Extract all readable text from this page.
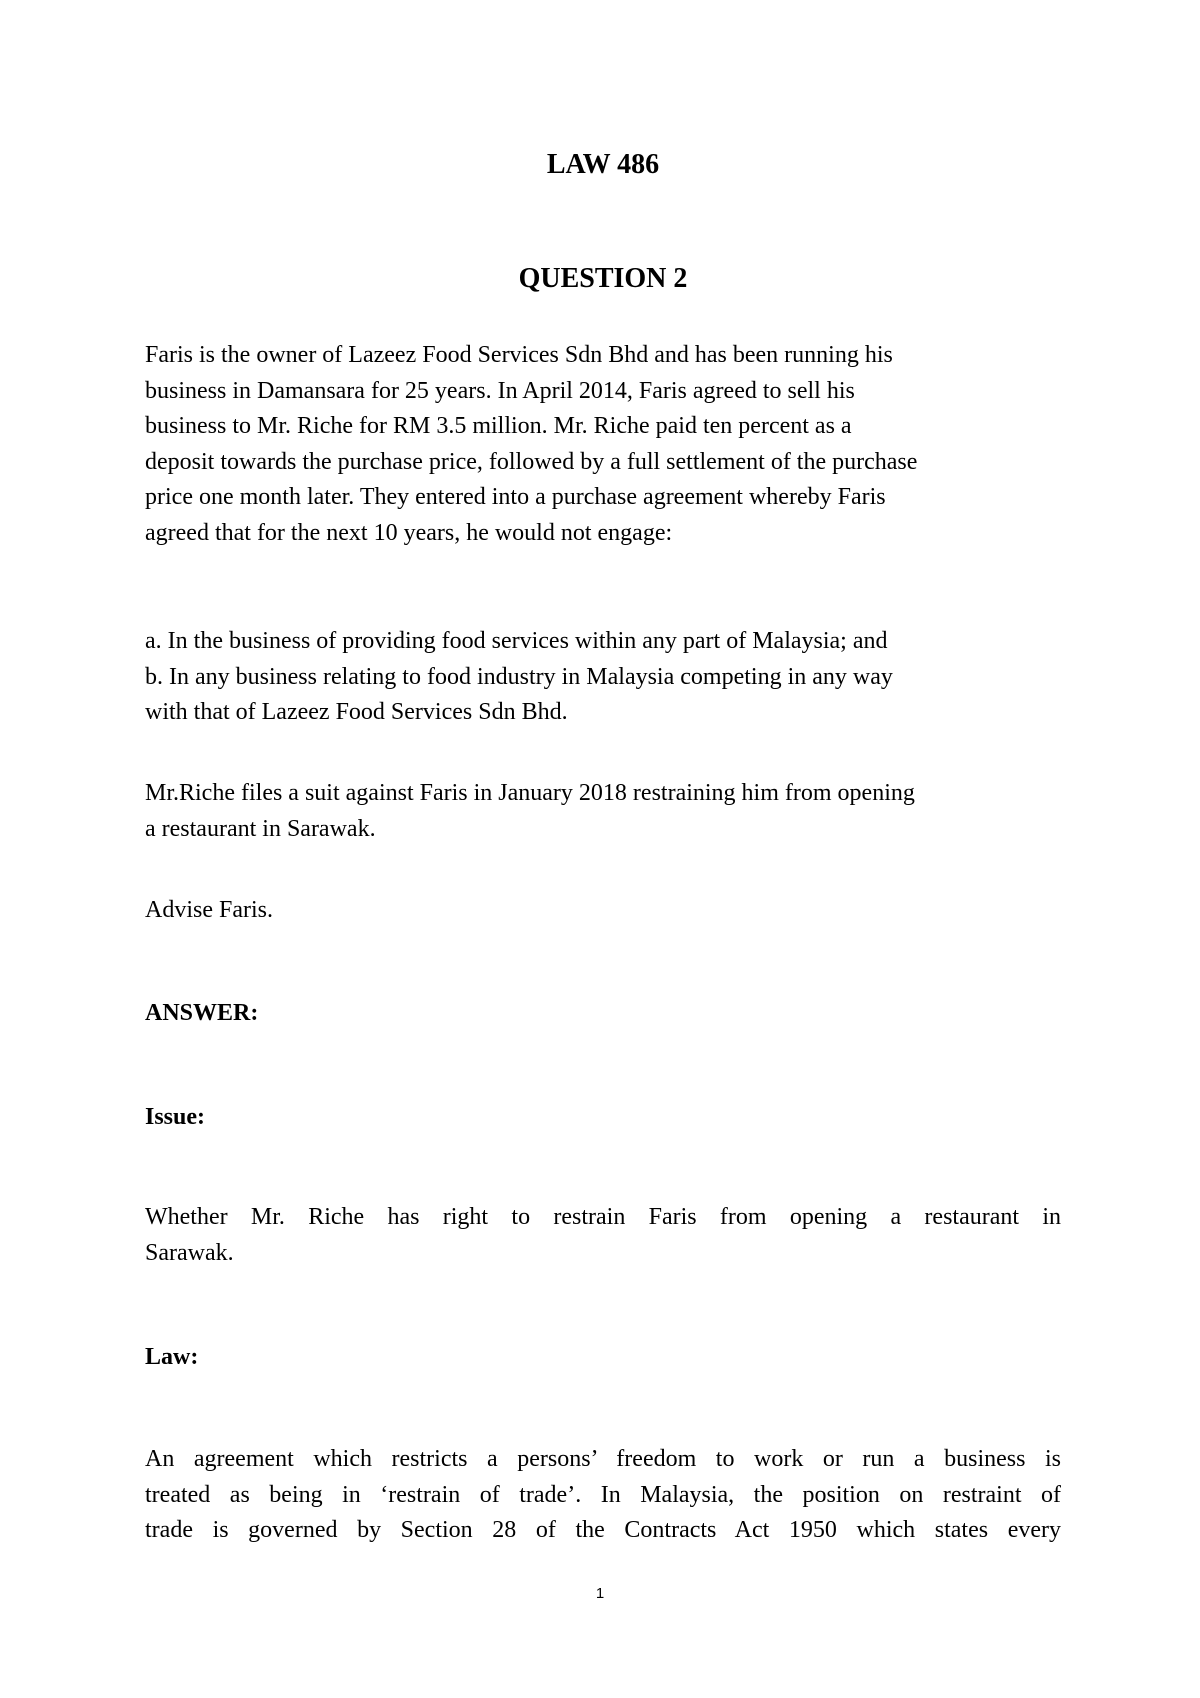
LAW 486
QUESTION 2
Faris is the owner of Lazeez Food Services Sdn Bhd and has been running his
business in Damansara for 25 years. In April 2014, Faris agreed to sell his
business to Mr. Riche for RM 3.5 million. Mr. Riche paid ten percent as a
deposit towards the purchase price, followed by a full settlement of the purchase
price one month later. They entered into a purchase agreement whereby Faris
agreed that for the next 10 years, he would not engage:
a. In the business of providing food services within any part of Malaysia; and
b. In any business relating to food industry in Malaysia competing in any way
with that of Lazeez Food Services Sdn Bhd.
Mr.Riche files a suit against Faris in January 2018 restraining him from opening
a restaurant in Sarawak.
Advise Faris.
ANSWER:
Issue:
Whether Mr. Riche has right to restrain Faris from opening a restaurant in
Sarawak.
Law:
An agreement which restricts a persons’ freedom to work or run a business is
treated as being in ‘restrain of trade’. In Malaysia, the position on restraint of
trade is governed by Section 28 of the Contracts Act 1950 which states every
1
